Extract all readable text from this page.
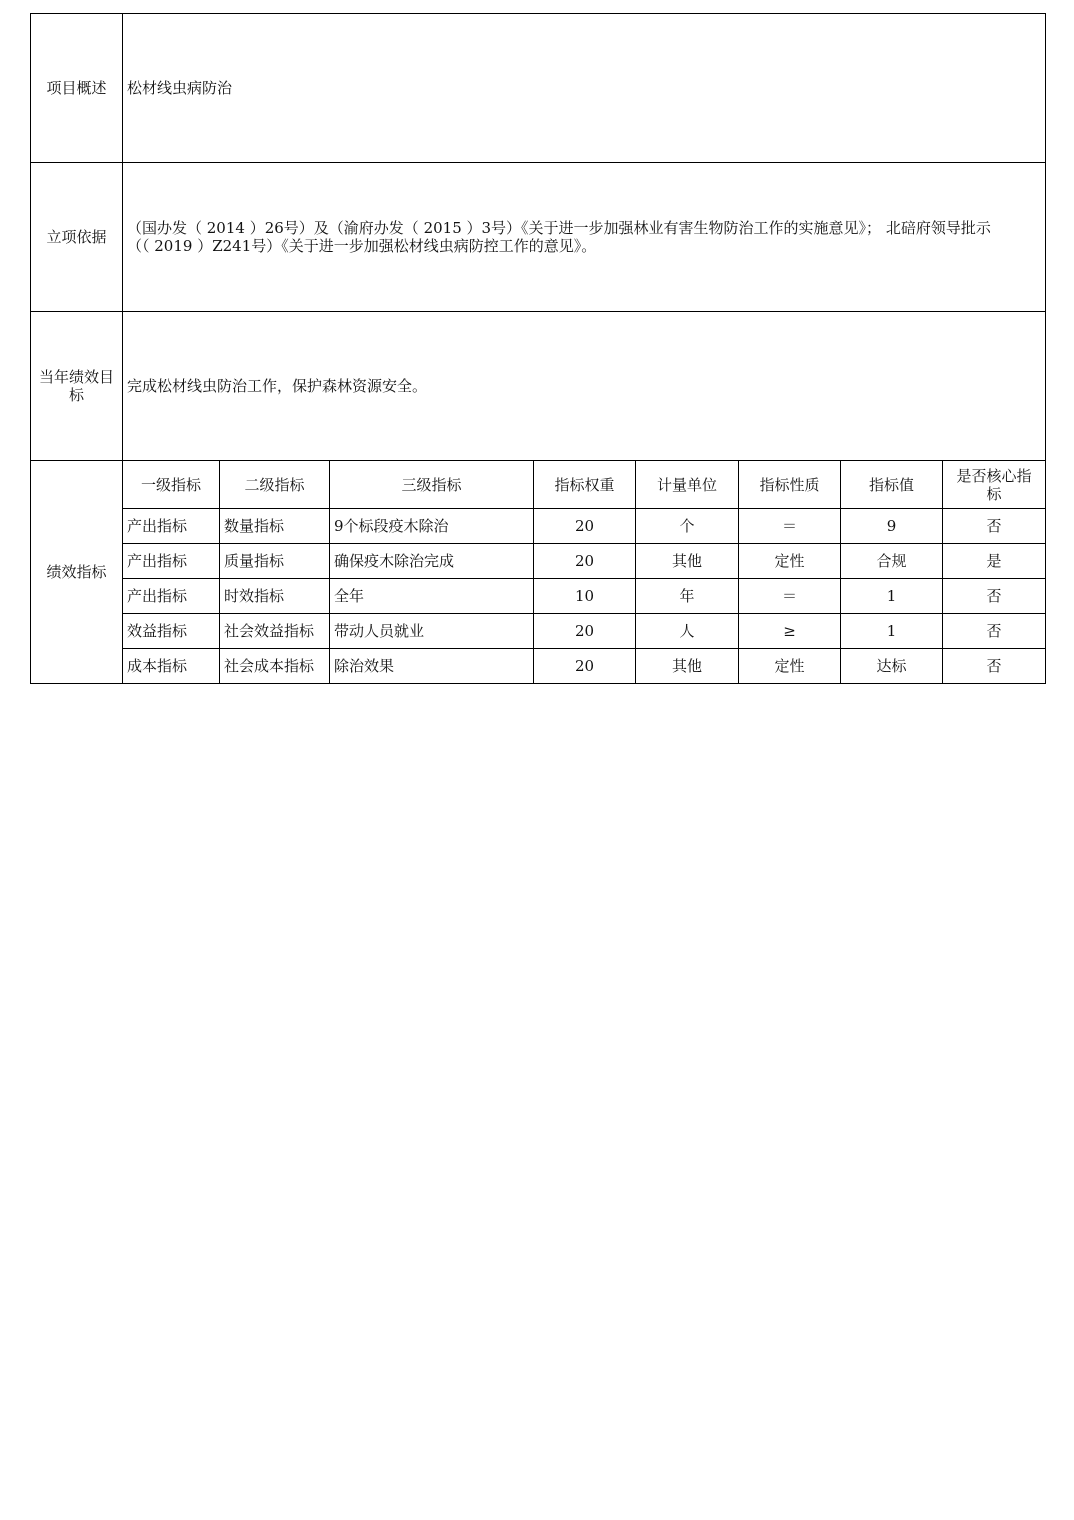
项目概述	松材线虫病防治							
立项依据	（国办发（ 2014 ）26号）及（渝府办发（ 2015 ）3号）《关于进一步加强林业有害生物防治工作的实施意见》； 北碚府领导批示
（（ 2019 ）Z241号）《关于进一步加强松材线虫病防控工作的意见》。							

当年绩效目
标	完成松材线虫防治工作，保护森林资源安全。							
绩效指标	一级指标	二级指标	三级指标	指标权重	计量单位	指标性质	指标值	是否核心指
标

	产出指标	数量指标	9个标段疫木除治	20	个	＝	9	否
	产出指标	质量指标	确保疫木除治完成	20	其他	定性	合规	是
	产出指标	时效指标	全年	10	年	＝	1	否
	效益指标	社会效益指标	带动人员就业	20	人	≥	1	否
	成本指标	社会成本指标	除治效果	20	其他	定性	达标	否
